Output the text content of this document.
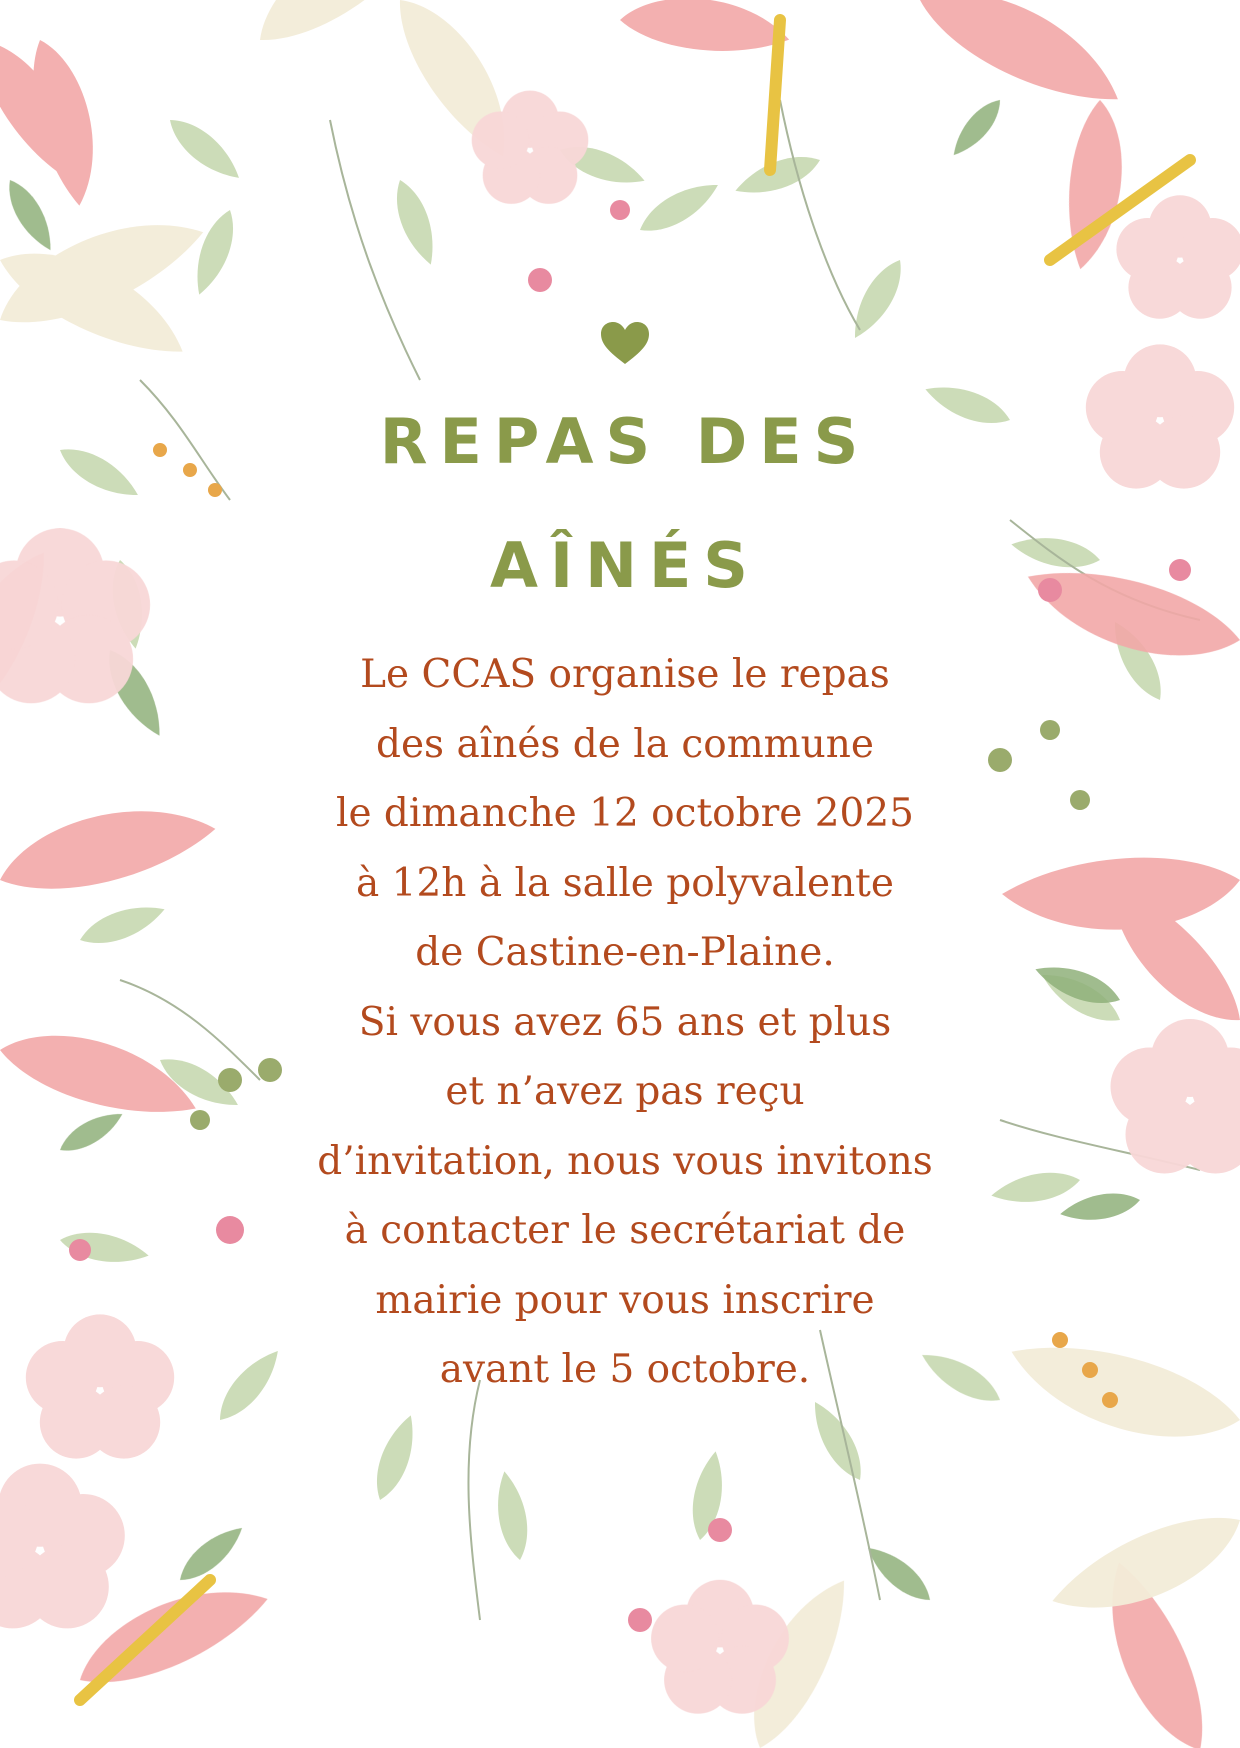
REPAS DES
AÎNÉS
Le CCAS organise le repas
des aînés de la commune
le dimanche 12 octobre 2025
à 12h à la salle polyvalente
de Castine-en-Plaine.
Si vous avez 65 ans et plus
et n’avez pas reçu
d’invitation, nous vous invitons
à contacter le secrétariat de
mairie pour vous inscrire
avant le 5 octobre.
